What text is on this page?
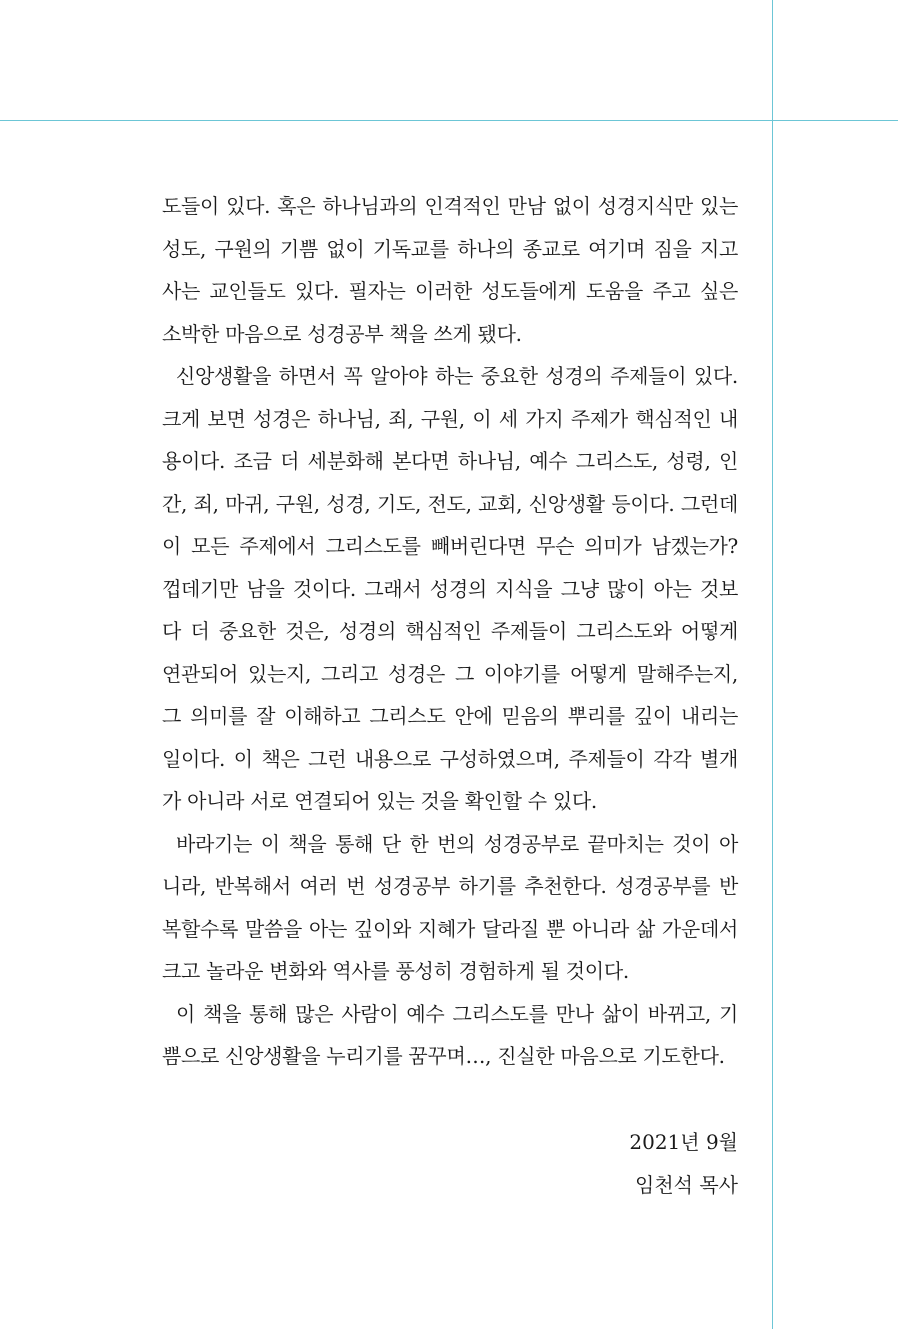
도들이 있다. 혹은 하나님과의 인격적인 만남 없이 성경지식만 있는
성도, 구원의 기쁨 없이 기독교를 하나의 종교로 여기며 짐을 지고
사는 교인들도 있다. 필자는 이러한 성도들에게 도움을 주고 싶은
소박한 마음으로 성경공부 책을 쓰게 됐다.
신앙생활을 하면서 꼭 알아야 하는 중요한 성경의 주제들이 있다.
크게 보면 성경은 하나님, 죄, 구원, 이 세 가지 주제가 핵심적인 내
용이다. 조금 더 세분화해 본다면 하나님, 예수 그리스도, 성령, 인
간, 죄, 마귀, 구원, 성경, 기도, 전도, 교회, 신앙생활 등이다. 그런데
이 모든 주제에서 그리스도를 빼버린다면 무슨 의미가 남겠는가?
껍데기만 남을 것이다. 그래서 성경의 지식을 그냥 많이 아는 것보
다 더 중요한 것은, 성경의 핵심적인 주제들이 그리스도와 어떻게
연관되어 있는지, 그리고 성경은 그 이야기를 어떻게 말해주는지,
그 의미를 잘 이해하고 그리스도 안에 믿음의 뿌리를 깊이 내리는
일이다. 이 책은 그런 내용으로 구성하였으며, 주제들이 각각 별개
가 아니라 서로 연결되어 있는 것을 확인할 수 있다.
바라기는 이 책을 통해 단 한 번의 성경공부로 끝마치는 것이 아
니라, 반복해서 여러 번 성경공부 하기를 추천한다. 성경공부를 반
복할수록 말씀을 아는 깊이와 지혜가 달라질 뿐 아니라 삶 가운데서
크고 놀라운 변화와 역사를 풍성히 경험하게 될 것이다.
이 책을 통해 많은 사람이 예수 그리스도를 만나 삶이 바뀌고, 기
쁨으로 신앙생활을 누리기를 꿈꾸며…, 진실한 마음으로 기도한다.
2021년 9월
임천석 목사
